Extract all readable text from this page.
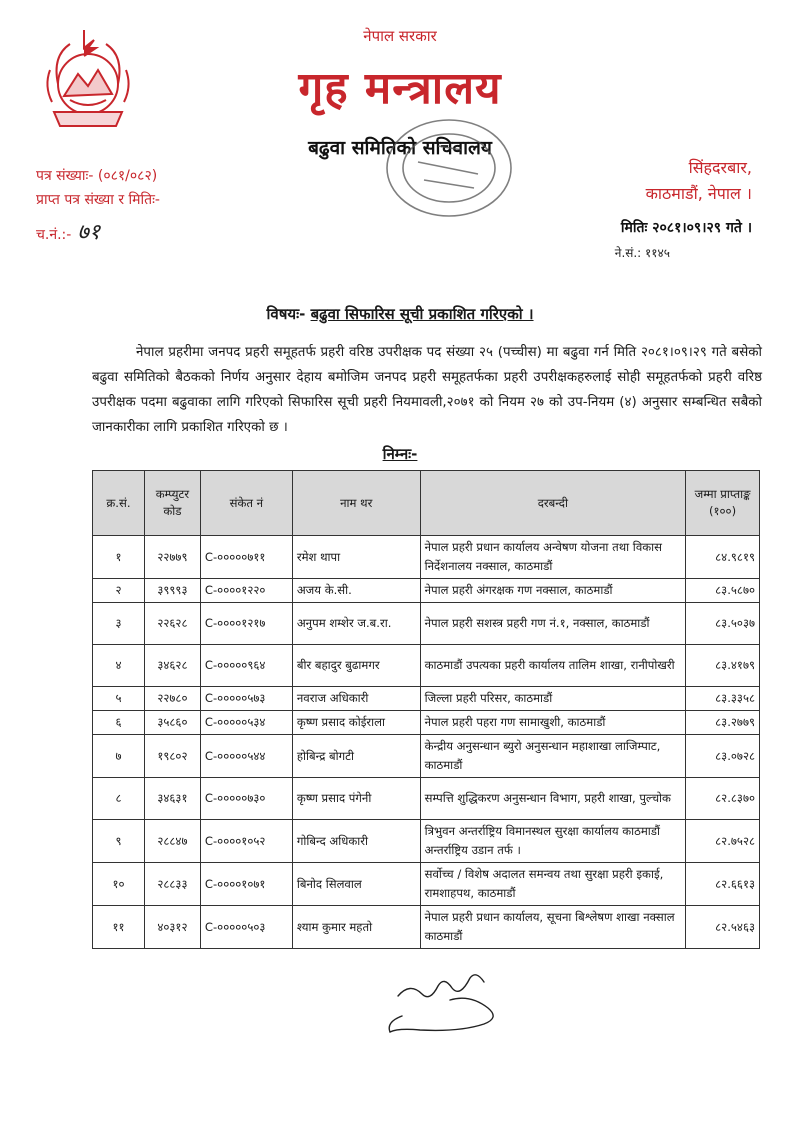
नेपाल सरकार
गृह मन्त्रालय
बढुवा समितिको सचिवालय
पत्र संख्याः- (०८१/०८२)
प्राप्त पत्र संख्या र मितिः-
च.नं.:- ७१
सिंहदरबार,
काठमाडौं, नेपाल ।
मितिः २०८१।०९।२९ गते ।
ने.सं.: ११४५
विषयः- बढुवा सिफारिस सूची प्रकाशित गरिएको ।
नेपाल प्रहरीमा जनपद प्रहरी समूहतर्फ प्रहरी वरिष्ठ उपरीक्षक पद संख्या २५ (पच्चीस) मा बढुवा गर्न मिति २०८१।०९।२९ गते बसेको बढुवा समितिको बैठकको निर्णय अनुसार देहाय बमोजिम जनपद प्रहरी समूहतर्फका प्रहरी उपरीक्षकहरुलाई सोही समूहतर्फको प्रहरी वरिष्ठ उपरीक्षक पदमा बढुवाका लागि गरिएको सिफारिस सूची प्रहरी नियमावली,२०७१ को नियम २७ को उप-नियम (४) अनुसार सम्बन्धित सबैको जानकारीका लागि प्रकाशित गरिएको छ ।
निम्नः-
क्र.सं.	कम्प्युटर कोड	संकेत नं	नाम थर	दरबन्दी	जम्मा प्राप्ताङ्क (१००)
१	२२७७९	C-०००००७११	रमेश थापा	नेपाल प्रहरी प्रधान कार्यालय अन्वेषण योजना तथा विकास निर्देशनालय नक्साल, काठमाडौं	८४.९८१९
२	३९९९३	C-००००१२२०	अजय के.सी.	नेपाल प्रहरी अंगरक्षक गण नक्साल, काठमाडौं	८३.५८७०
३	२२६२८	C-००००१२१७	अनुपम शम्शेर ज.ब.रा.	नेपाल प्रहरी सशस्त्र प्रहरी गण नं.१, नक्साल, काठमाडौं	८३.५०३७
४	३४६२८	C-०००००९६४	बीर बहादुर बुढामगर	काठमाडौं उपत्यका प्रहरी कार्यालय तालिम शाखा, रानीपोखरी	८३.४१७९
५	२२७८०	C-०००००५७३	नवराज अधिकारी	जिल्ला प्रहरी परिसर, काठमाडौं	८३.३३५८
६	३५८६०	C-०००००५३४	कृष्ण प्रसाद कोईराला	नेपाल प्रहरी पहरा गण सामाखुशी, काठमाडौं	८३.२७७९
७	१९८०२	C-०००००५४४	होबिन्द्र बोगटी	केन्द्रीय अनुसन्धान ब्युरो अनुसन्धान महाशाखा लाजिम्पाट, काठमाडौं	८३.०७२८
८	३४६३१	C-०००००७३०	कृष्ण प्रसाद पंगेनी	सम्पत्ति शुद्धिकरण अनुसन्धान विभाग, प्रहरी शाखा, पुल्चोक	८२.८३७०
९	२८८४७	C-००००१०५२	गोबिन्द अधिकारी	त्रिभुवन अन्तर्राष्ट्रिय विमानस्थल सुरक्षा कार्यालय काठमाडौं अन्तर्राष्ट्रिय उडान तर्फ ।	८२.७५२८
१०	२८८३३	C-००००१०७१	बिनोद सिलवाल	सर्वोच्च / विशेष अदालत समन्वय तथा सुरक्षा प्रहरी इकाई, रामशाहपथ, काठमाडौं	८२.६६१३
११	४०३१२	C-०००००५०३	श्याम कुमार महतो	नेपाल प्रहरी प्रधान कार्यालय, सूचना बिश्लेषण शाखा नक्साल काठमाडौं	८२.५४६३
